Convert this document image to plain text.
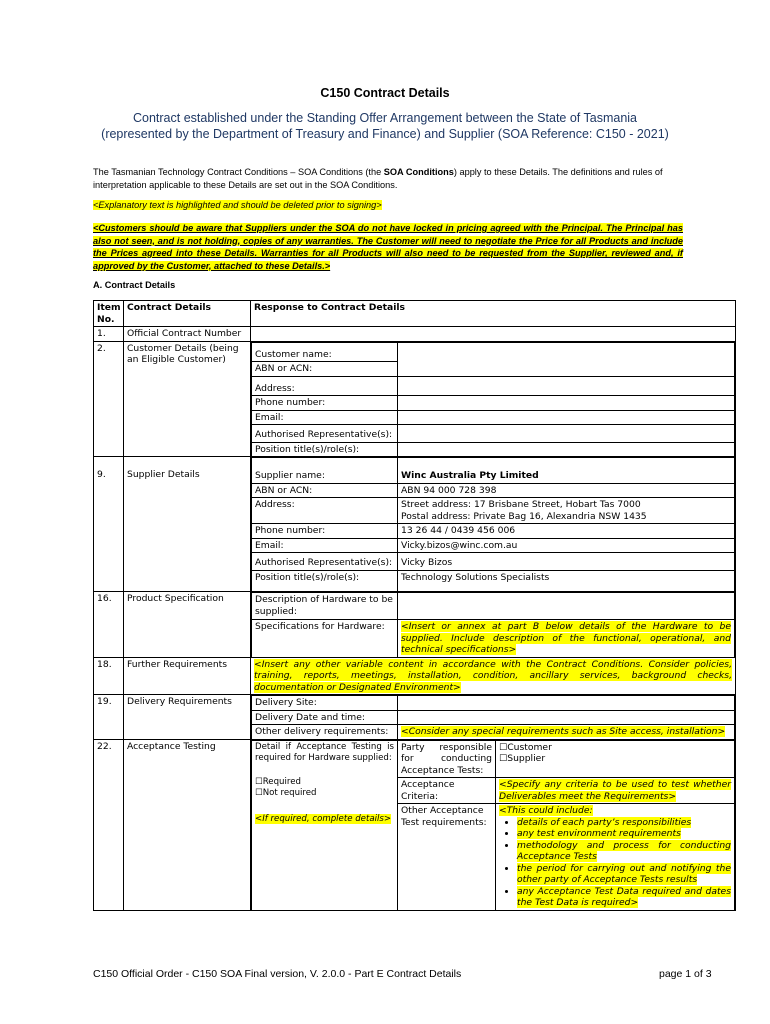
C150 Contract Details
Contract established under the Standing Offer Arrangement between the State of Tasmania (represented by the Department of Treasury and Finance) and Supplier (SOA Reference: C150 - 2021)
The Tasmanian Technology Contract Conditions – SOA Conditions (the SOA Conditions) apply to these Details. The definitions and rules of interpretation applicable to these Details are set out in the SOA Conditions.
<Explanatory text is highlighted and should be deleted prior to signing>
<Customers should be aware that Suppliers under the SOA do not have locked in pricing agreed with the Principal. The Principal has also not seen, and is not holding, copies of any warranties. The Customer will need to negotiate the Price for all Products and include the Prices agreed into these Details. Warranties for all Products will also need to be requested from the Supplier, reviewed and, if approved by the Customer, attached to these Details.>
A. Contract Details
Item No.	Contract Details	Response to Contract Details
1.	Official Contract Number	
2.	Customer Details (being an Eligible Customer)		Customer name:	
ABN or ACN:
Address:	
Phone number:	
Email:	
Authorised Representative(s):	
Position title(s)/role(s):	

9.	Supplier Details		Supplier name:	Winc Australia Pty Limited
ABN or ACN:	ABN 94 000 728 398
Address:	Street address: 17 Brisbane Street, Hobart Tas 7000
Postal address: Private Bag 16, Alexandria NSW 1435

Phone number:	13 26 44 / 0439 456 006
Email:	Vicky.bizos@winc.com.au
Authorised Representative(s):	Vicky Bizos
Position title(s)/role(s):	Technology Solutions Specialists

16.	Product Specification		Description of Hardware to be supplied:	
Specifications for Hardware:	<Insert or annex at part B below details of the Hardware to be supplied. Include description of the functional, operational, and technical specifications>

18.	Further Requirements	<Insert any other variable content in accordance with the Contract Conditions. Consider policies, training, reports, meetings, installation, condition, ancillary services, background checks, documentation or Designated Environment>
19.	Delivery Requirements		Delivery Site:	
Delivery Date and time:	
Other delivery requirements:	<Consider any special requirements such as Site access, installation>

22.	Acceptance Testing		Detail if Acceptance Testing is required for Hardware supplied:
☐Required
☐Not required
<If required, complete details>
	Party responsible for conducting Acceptance Tests:	
☐Customer
☐Supplier

Acceptance Criteria:	<Specify any criteria to be used to test whether Deliverables meet the Requirements>
Other Acceptance Test requirements:	
<This could include:
• details of each party’s responsibilities
• any test environment requirements
• methodology and process for conducting Acceptance Tests
• the period for carrying out and notifying the other party of Acceptance Tests results
• any Acceptance Test Data required and dates the Test Data is required>
C150 Official Order - C150 SOA Final version, V. 2.0.0 - Part E Contract Details	page 1 of 3
